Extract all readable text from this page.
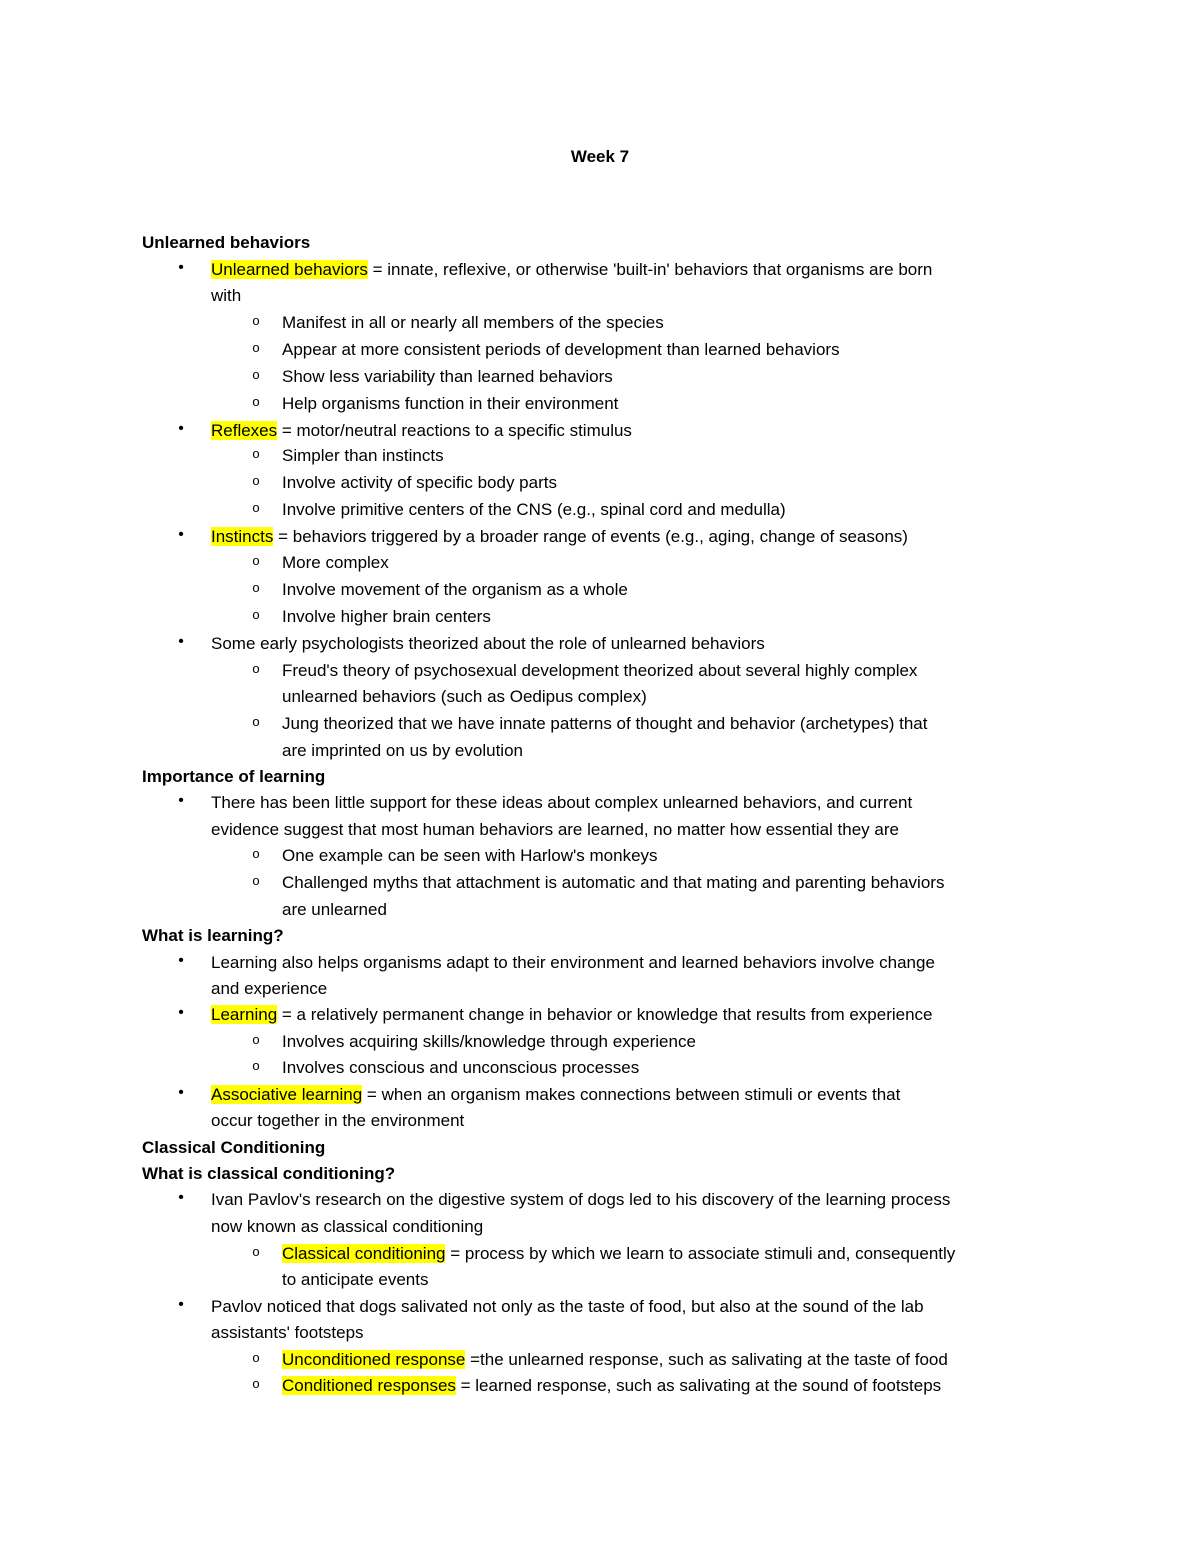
Week 7
Unlearned behaviors
• Unlearned behaviors = innate, reflexive, or otherwise 'built-in' behaviors that organisms are born
with
o Manifest in all or nearly all members of the species
o Appear at more consistent periods of development than learned behaviors
o Show less variability than learned behaviors
o Help organisms function in their environment
• Reflexes = motor/neutral reactions to a specific stimulus
o Simpler than instincts
o Involve activity of specific body parts
o Involve primitive centers of the CNS (e.g., spinal cord and medulla)
• Instincts = behaviors triggered by a broader range of events (e.g., aging, change of seasons)
o More complex
o Involve movement of the organism as a whole
o Involve higher brain centers
• Some early psychologists theorized about the role of unlearned behaviors
o Freud's theory of psychosexual development theorized about several highly complex
unlearned behaviors (such as Oedipus complex)
o Jung theorized that we have innate patterns of thought and behavior (archetypes) that
are imprinted on us by evolution
Importance of learning
• There has been little support for these ideas about complex unlearned behaviors, and current
evidence suggest that most human behaviors are learned, no matter how essential they are
o One example can be seen with Harlow's monkeys
o Challenged myths that attachment is automatic and that mating and parenting behaviors
are unlearned
What is learning?
• Learning also helps organisms adapt to their environment and learned behaviors involve change
and experience
• Learning = a relatively permanent change in behavior or knowledge that results from experience
o Involves acquiring skills/knowledge through experience
o Involves conscious and unconscious processes
• Associative learning = when an organism makes connections between stimuli or events that
occur together in the environment
Classical Conditioning
What is classical conditioning?
• Ivan Pavlov's research on the digestive system of dogs led to his discovery of the learning process
now known as classical conditioning
o Classical conditioning = process by which we learn to associate stimuli and, consequently
to anticipate events
• Pavlov noticed that dogs salivated not only as the taste of food, but also at the sound of the lab
assistants' footsteps
o Unconditioned response =the unlearned response, such as salivating at the taste of food
o Conditioned responses = learned response, such as salivating at the sound of footsteps
